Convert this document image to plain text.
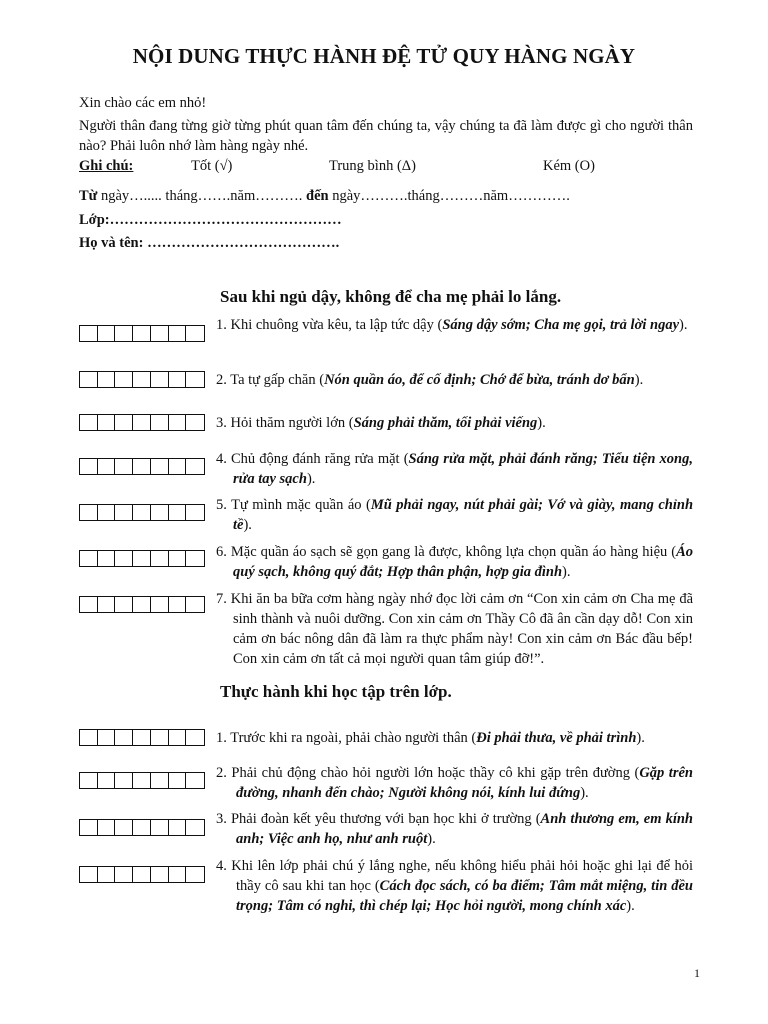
NỘI DUNG THỰC HÀNH ĐỆ TỬ QUY HÀNG NGÀY
Xin chào các em nhỏ!
Người thân đang từng giờ từng phút quan tâm đến chúng ta, vậy chúng ta đã làm được gì cho người thân nào? Phải luôn nhớ làm hàng ngày nhé.
Ghi chú:	Tốt (√)	Trung bình (Δ)	Kém (O)
Từ ngày…..... tháng…….năm………. đến ngày……….tháng………năm………….
Lớp:…………………………………………
Họ và tên: ………………………………….
Sau khi ngủ dậy, không để cha mẹ phải lo lắng.
1. Khi chuông vừa kêu, ta lập tức dậy (Sáng dậy sớm; Cha mẹ gọi, trả lời ngay).
2. Ta tự gấp chăn (Nón quần áo, để cố định; Chớ để bừa, tránh dơ bẩn).
3. Hỏi thăm người lớn (Sáng phải thăm, tối phải viếng).
4. Chủ động đánh răng rửa mặt (Sáng rửa mặt, phải đánh răng; Tiểu tiện xong, rửa tay sạch).
5. Tự mình mặc quần áo (Mũ phải ngay, nút phải gài; Vớ và giày, mang chỉnh tề).
6. Mặc quần áo sạch sẽ gọn gang là được, không lựa chọn quần áo hàng hiệu (Áo quý sạch, không quý đắt; Hợp thân phận, hợp gia đình).
7. Khi ăn ba bữa cơm hàng ngày nhớ đọc lời cảm ơn “Con xin cảm ơn Cha mẹ đã sinh thành và nuôi dưỡng. Con xin cảm ơn Thầy Cô đã ân cần dạy dỗ! Con xin cảm ơn bác nông dân đã làm ra thực phẩm này! Con xin cảm ơn Bác đầu bếp! Con xin cảm ơn tất cả mọi người quan tâm giúp đỡ!”.
Thực hành khi học tập trên lớp.
1. Trước khi ra ngoài, phải chào người thân (Đi phải thưa, về phải trình).
2. Phải chủ động chào hỏi người lớn hoặc thầy cô khi gặp trên đường (Gặp trên đường, nhanh đến chào; Người không nói, kính lui đứng).
3. Phải đoàn kết yêu thương với bạn học khi ở trường (Anh thương em, em kính anh; Việc anh họ, như anh ruột).
4. Khi lên lớp phải chú ý lắng nghe, nếu không hiểu phải hỏi hoặc ghi lại để hỏi thầy cô sau khi tan học (Cách đọc sách, có ba điểm; Tâm mắt miệng, tin đều trọng; Tâm có nghi, thì chép lại; Học hỏi người, mong chính xác).
1
